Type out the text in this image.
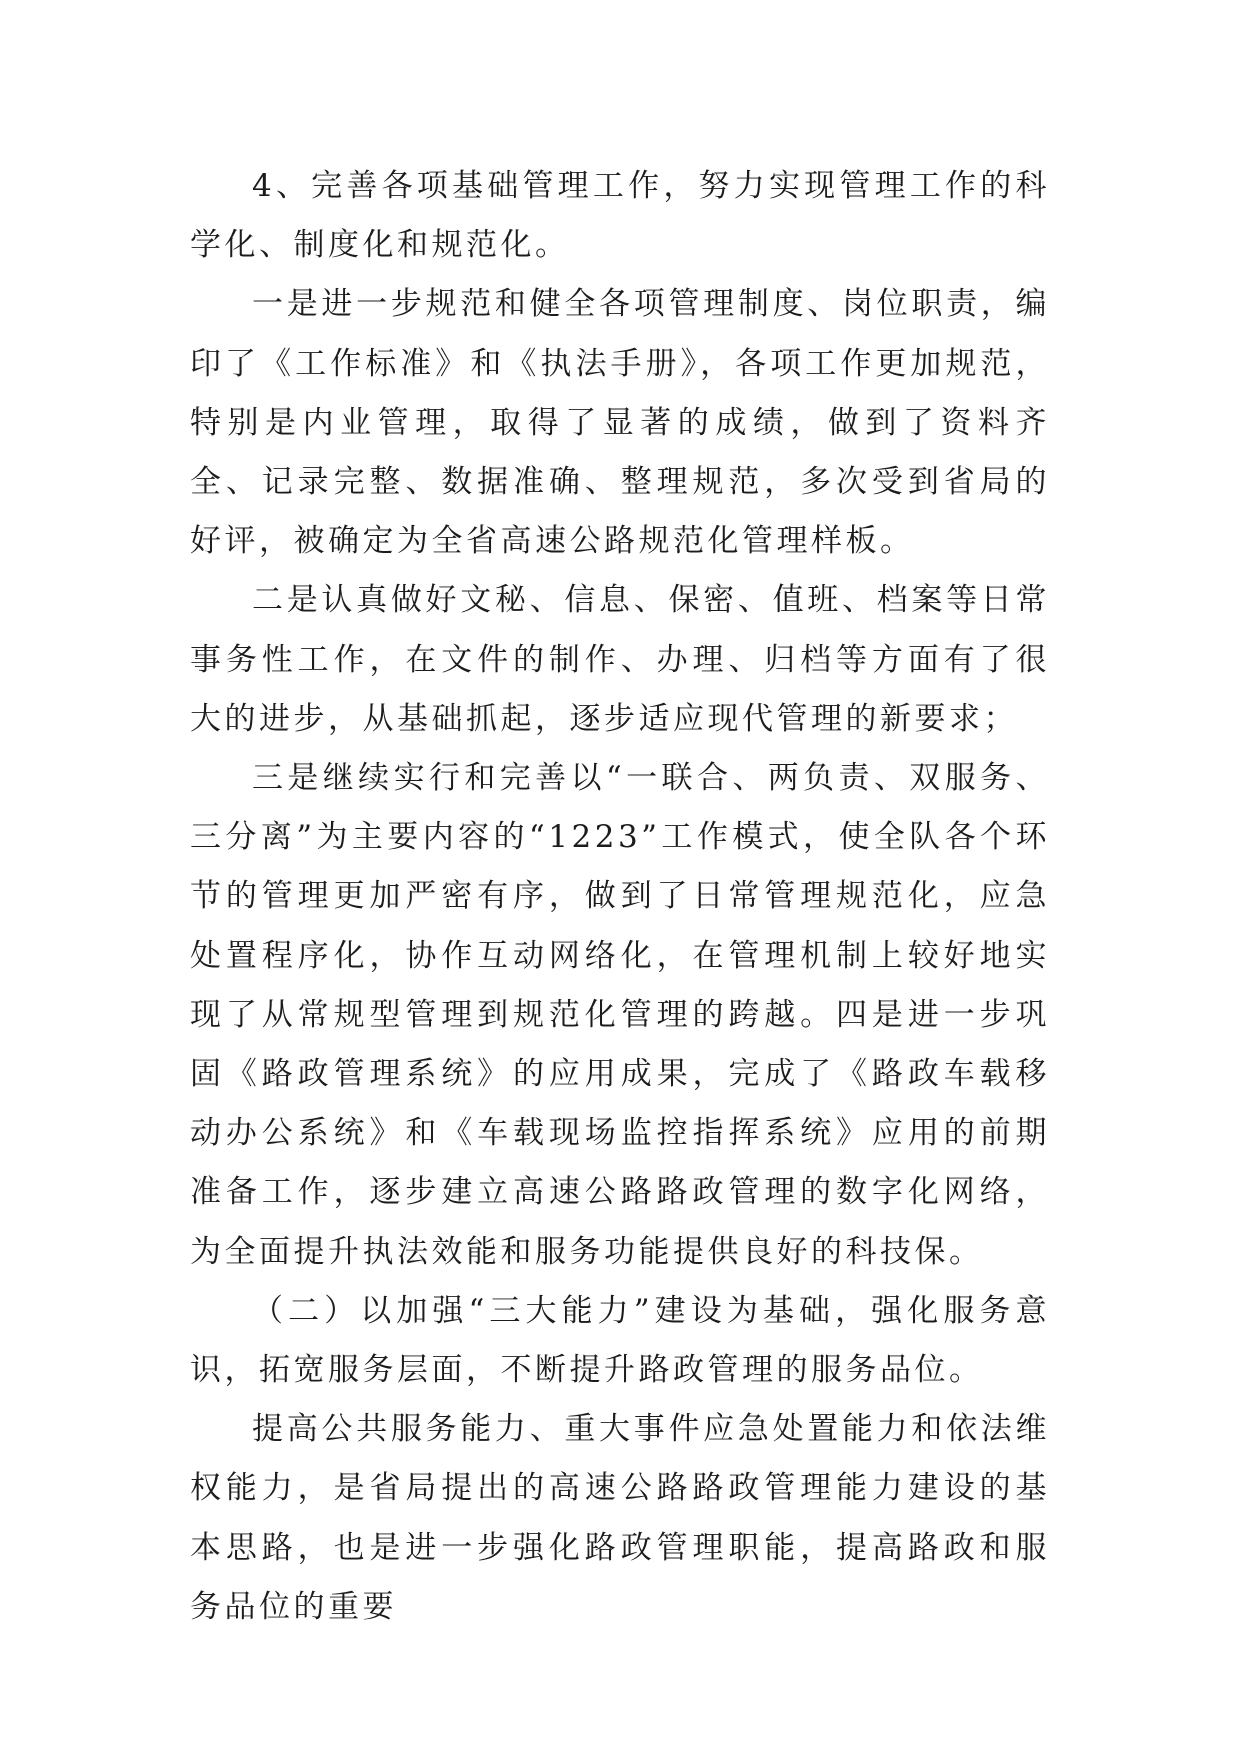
4、完善各项基础管理工作，努力实现管理工作的科学化、制度化和规范化。

一是进一步规范和健全各项管理制度、岗位职责，编印了《工作标准》和《执法手册》，各项工作更加规范，特别是内业管理，取得了显著的成绩，做到了资料齐全、记录完整、数据准确、整理规范，多次受到省局的好评，被确定为全省高速公路规范化管理样板。

二是认真做好文秘、信息、保密、值班、档案等日常事务性工作，在文件的制作、办理、归档等方面有了很大的进步，从基础抓起，逐步适应现代管理的新要求；

三是继续实行和完善以“一联合、两负责、双服务、三分离”为主要内容的“1223”工作模式，使全队各个环节的管理更加严密有序，做到了日常管理规范化，应急处置程序化，协作互动网络化，在管理机制上较好地实现了从常规型管理到规范化管理的跨越。四是进一步巩固《路政管理系统》的应用成果，完成了《路政车载移动办公系统》和《车载现场监控指挥系统》应用的前期准备工作，逐步建立高速公路路政管理的数字化网络，为全面提升执法效能和服务功能提供良好的科技保。

（二）以加强“三大能力”建设为基础，强化服务意识，拓宽服务层面，不断提升路政管理的服务品位。

提高公共服务能力、重大事件应急处置能力和依法维权能力，是省局提出的高速公路路政管理能力建设的基本思路，也是进一步强化路政管理职能，提高路政和服务品位的重要
